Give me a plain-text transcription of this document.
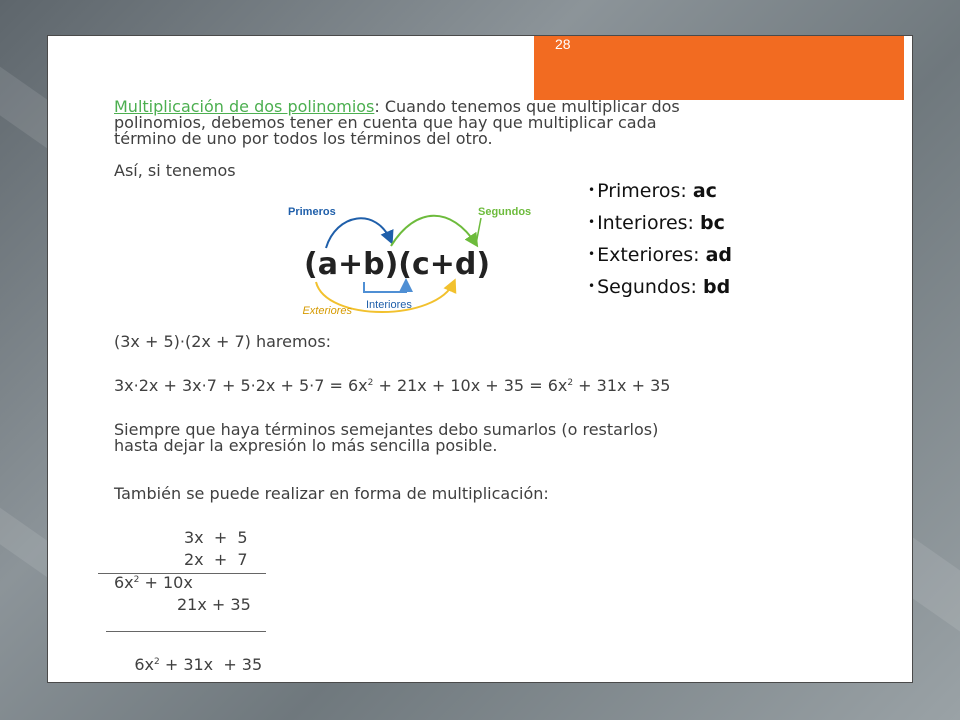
28
Multiplicación de dos polinomios: Cuando tenemos que multiplicar dos
polinomios, debemos tener en cuenta que hay que multiplicar cada
término de uno por todos los términos del otro.
Así, si tenemos
Primeros	Segundos
(a+b)(c+d)
Interiores
Exteriores
• Primeros: ac
• Interiores: bc
• Exteriores: ad
• Segundos: bd
(3x + 5)·(2x + 7) haremos:
$3x\cdot 2x + 3x\cdot 7 + 5\cdot 2x + 5\cdot 7 = 6x^2 + 21x + 10x + 35 = 6x^2 + 31x + 35$
Siempre que haya términos semejantes debo sumarlos (o restarlos)
hasta dejar la expresión lo más sencilla posible.
También se puede realizar en forma de multiplicación:
3x  +  5
2x  +  7
$6x^2 + 10x$
21x + 35

$6x^2 + 31x + 35$
